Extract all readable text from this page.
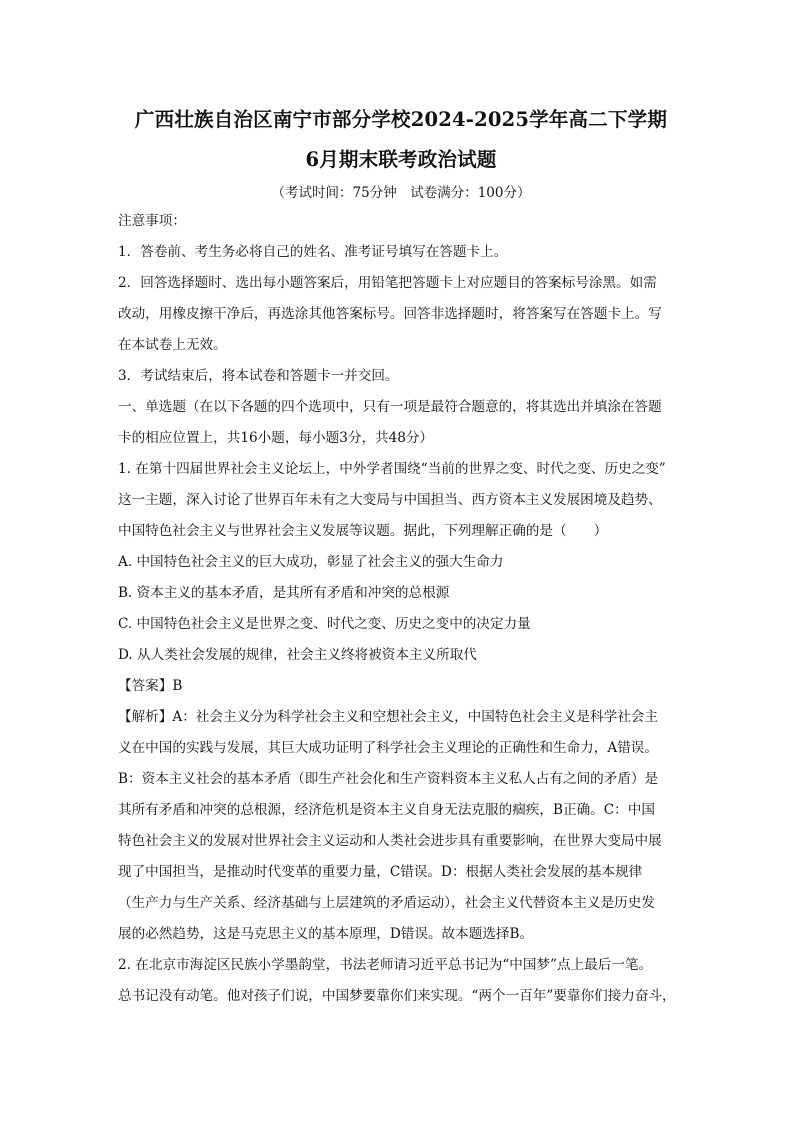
广西壮族自治区南宁市部分学校2024-2025学年高二下学期

6月期末联考政治试题

（考试时间：75分钟　试卷满分：100分）

注意事项：

1．答卷前、考生务必将自己的姓名、准考证号填写在答题卡上。

2．回答选择题时、选出每小题答案后，用铅笔把答题卡上对应题目的答案标号涂黑。如需

改动，用橡皮擦干净后，再选涂其他答案标号。回答非选择题时，将答案写在答题卡上。写

在本试卷上无效。

3．考试结束后，将本试卷和答题卡一并交回。

一、单选题（在以下各题的四个选项中，只有一项是最符合题意的，将其选出并填涂在答题

卡的相应位置上，共16小题，每小题3分，共48分）

1. 在第十四届世界社会主义论坛上，中外学者围绕“当前的世界之变、时代之变、历史之变”

这一主题，深入讨论了世界百年未有之大变局与中国担当、西方资本主义发展困境及趋势、

中国特色社会主义与世界社会主义发展等议题。据此，下列理解正确的是（　　）

A. 中国特色社会主义的巨大成功，彰显了社会主义的强大生命力

B. 资本主义的基本矛盾，是其所有矛盾和冲突的总根源

C. 中国特色社会主义是世界之变、时代之变、历史之变中的决定力量

D. 从人类社会发展的规律，社会主义终将被资本主义所取代

【答案】B

【解析】A：社会主义分为科学社会主义和空想社会主义，中国特色社会主义是科学社会主

义在中国的实践与发展，其巨大成功证明了科学社会主义理论的正确性和生命力，A错误。

B：资本主义社会的基本矛盾（即生产社会化和生产资料资本主义私人占有之间的矛盾）是

其所有矛盾和冲突的总根源，经济危机是资本主义自身无法克服的痼疾，B正确。C：中国

特色社会主义的发展对世界社会主义运动和人类社会进步具有重要影响，在世界大变局中展

现了中国担当，是推动时代变革的重要力量，C错误。D：根据人类社会发展的基本规律

（生产力与生产关系、经济基础与上层建筑的矛盾运动），社会主义代替资本主义是历史发

展的必然趋势，这是马克思主义的基本原理，D错误。故本题选择B。

2. 在北京市海淀区民族小学墨韵堂，书法老师请习近平总书记为“中国梦”点上最后一笔。

总书记没有动笔。他对孩子们说，中国梦要靠你们来实现。“两个一百年”要靠你们接力奋斗，
